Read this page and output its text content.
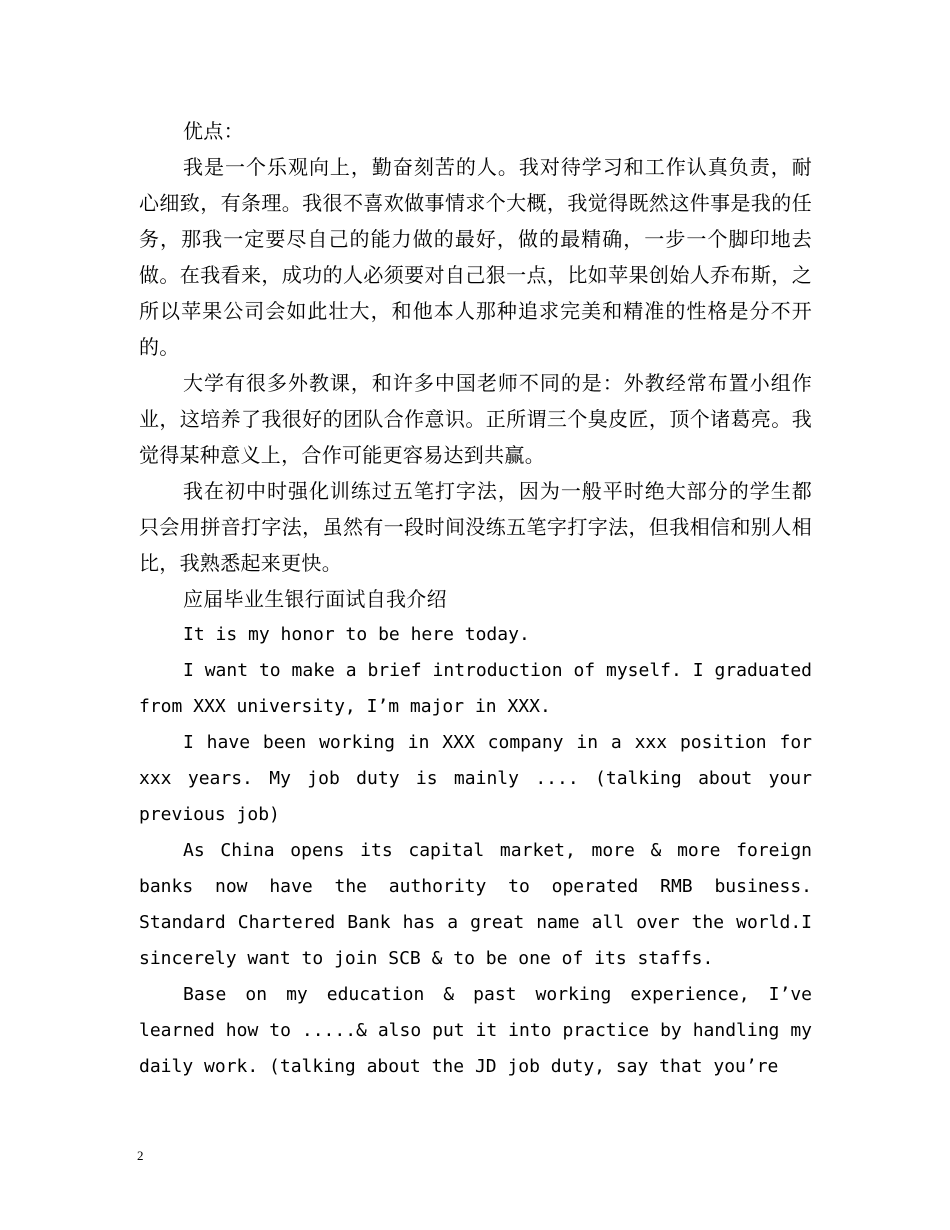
优点：

我是一个乐观向上，勤奋刻苦的人。我对待学习和工作认真负责，耐心细致，有条理。我很不喜欢做事情求个大概，我觉得既然这件事是我的任务，那我一定要尽自己的能力做的最好，做的最精确，一步一个脚印地去做。在我看来，成功的人必须要对自己狠一点，比如苹果创始人乔布斯，之所以苹果公司会如此壮大，和他本人那种追求完美和精准的性格是分不开的。

大学有很多外教课，和许多中国老师不同的是：外教经常布置小组作业，这培养了我很好的团队合作意识。正所谓三个臭皮匠，顶个诸葛亮。我觉得某种意义上，合作可能更容易达到共赢。

我在初中时强化训练过五笔打字法，因为一般平时绝大部分的学生都只会用拼音打字法，虽然有一段时间没练五笔字打字法，但我相信和别人相比，我熟悉起来更快。

应届毕业生银行面试自我介绍

It is my honor to be here today.

I want to make a brief introduction of myself. I graduated from XXX university, I’m major in XXX.

I have been working in XXX company in a xxx position for xxx years. My job duty is mainly .... (talking about your previous job)

As China opens its capital market, more & more foreign banks now have the authority to operated RMB business. Standard Chartered Bank has a great name all over the world.I sincerely want to join SCB & to be one of its staffs.

Base on my education & past working experience, I’ve learned how to .....& also put it into practice by handling my daily work. (talking about the JD job duty, say that you’re

2
